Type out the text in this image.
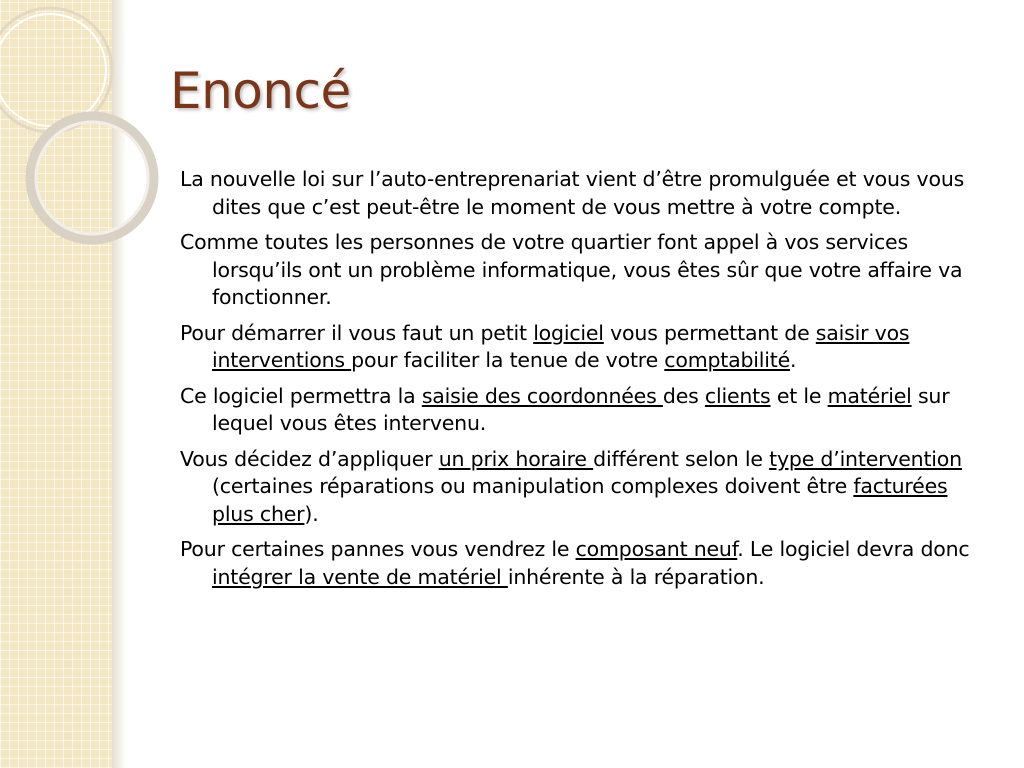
Enoncé

La nouvelle loi sur l’auto-entreprenariat vient d’être promulguée et vous vous dites que c’est peut-être le moment de vous mettre à votre compte.

Comme toutes les personnes de votre quartier font appel à vos services lorsqu’ils ont un problème informatique, vous êtes sûr que votre affaire va fonctionner.

Pour démarrer il vous faut un petit logiciel vous permettant de saisir vos interventions pour faciliter la tenue de votre comptabilité.

Ce logiciel permettra la saisie des coordonnées des clients et le matériel sur lequel vous êtes intervenu.

Vous décidez d’appliquer un prix horaire différent selon le type d’intervention (certaines réparations ou manipulation complexes doivent être facturées plus cher).

Pour certaines pannes vous vendrez le composant neuf. Le logiciel devra donc intégrer la vente de matériel inhérente à la réparation.
